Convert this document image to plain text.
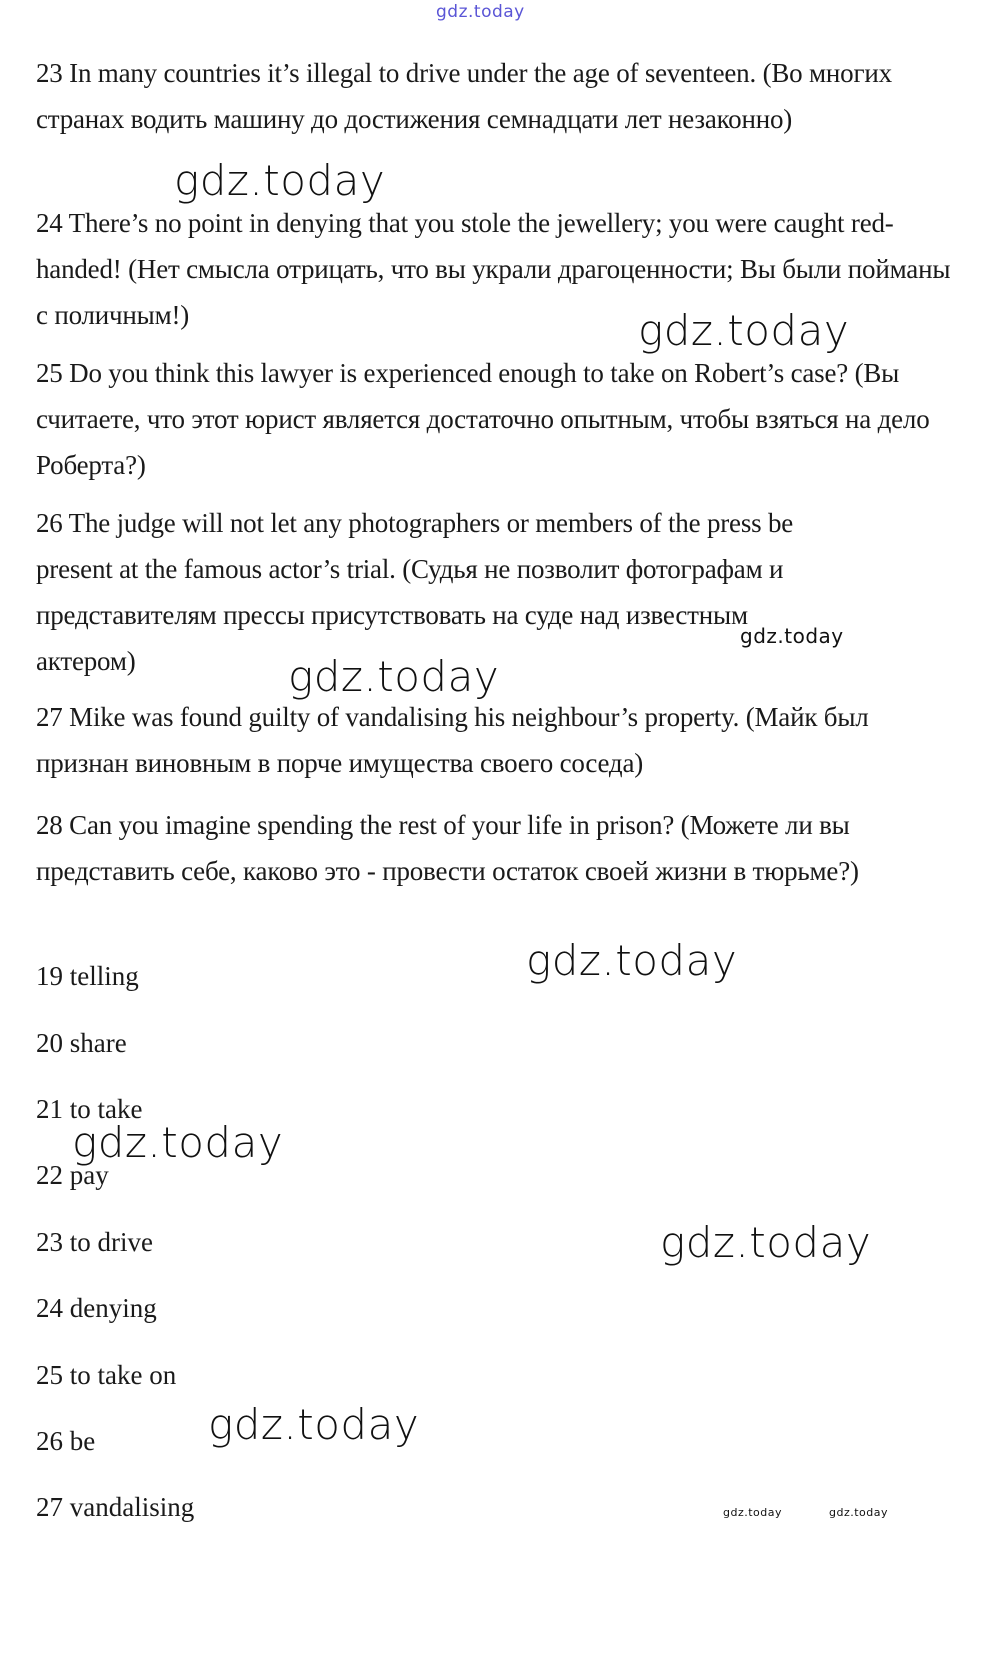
gdz.today

23 In many countries it’s illegal to drive under the age of seventeen. (Во многих странах водить машину до достижения семнадцати лет незаконно)

24 There’s no point in denying that you stole the jewellery; you were caught red-handed! (Нет смысла отрицать, что вы украли драгоценности; Вы были пойманы с поличным!)

25 Do you think this lawyer is experienced enough to take on Robert’s case? (Вы считаете, что этот юрист является достаточно опытным, чтобы взяться на дело Роберта?)

26 The judge will not let any photographers or members of the press be present at the famous actor’s trial. (Судья не позволит фотографам и представителям прессы присутствовать на суде над известным актером)

27 Mike was found guilty of vandalising his neighbour’s property. (Майк был признан виновным в порче имущества своего соседа)

28 Can you imagine spending the rest of your life in prison? (Можете ли вы представить себе, каково это - провести остаток своей жизни в тюрьме?)

19 telling

20 share

21 to take

22 pay

23 to drive

24 denying

25 to take on

26 be

27 vandalising

gdz.today
gdz.today
gdz.today
gdz.today
gdz.today
gdz.today
gdz.today
gdz.today
gdz.today	gdz.today
